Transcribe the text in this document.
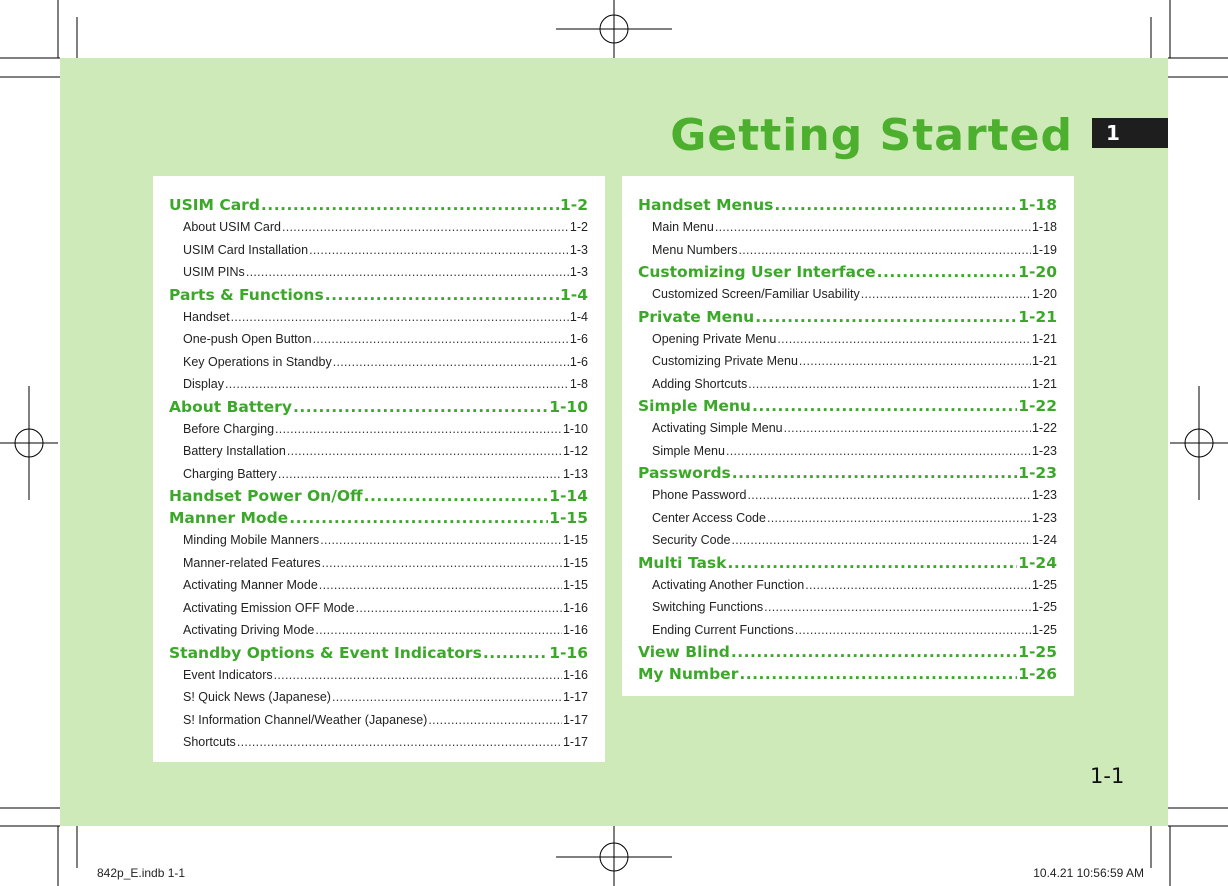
Getting Started	1
USIM Card .....	1-2
About USIM Card .....	1-2
USIM Card Installation .....	1-3
USIM PINs .....	1-3
Parts & Functions .....	1-4
Handset .....	1-4
One-push Open Button .....	1-6
Key Operations in Standby .....	1-6
Display .....	1-8
About Battery .....	1-10
Before Charging .....	1-10
Battery Installation .....	1-12
Charging Battery .....	1-13
Handset Power On/Off .....	1-14
Manner Mode .....	1-15
Minding Mobile Manners .....	1-15
Manner-related Features .....	1-15
Activating Manner Mode .....	1-15
Activating Emission OFF Mode .....	1-16
Activating Driving Mode .....	1-16
Standby Options & Event Indicators .....	1-16
Event Indicators .....	1-16
S! Quick News (Japanese) .....	1-17
S! Information Channel/Weather (Japanese) .....	1-17
Shortcuts .....	1-17
Handset Menus .....	1-18
Main Menu .....	1-18
Menu Numbers .....	1-19
Customizing User Interface .....	1-20
Customized Screen/Familiar Usability .....	1-20
Private Menu .....	1-21
Opening Private Menu .....	1-21
Customizing Private Menu .....	1-21
Adding Shortcuts .....	1-21
Simple Menu .....	1-22
Activating Simple Menu .....	1-22
Simple Menu .....	1-23
Passwords .....	1-23
Phone Password .....	1-23
Center Access Code .....	1-23
Security Code .....	1-24
Multi Task .....	1-24
Activating Another Function .....	1-25
Switching Functions .....	1-25
Ending Current Functions .....	1-25
View Blind .....	1-25
My Number .....	1-26
1-1
842p_E.indb 1-1	10.4.21 10:56:59 AM
